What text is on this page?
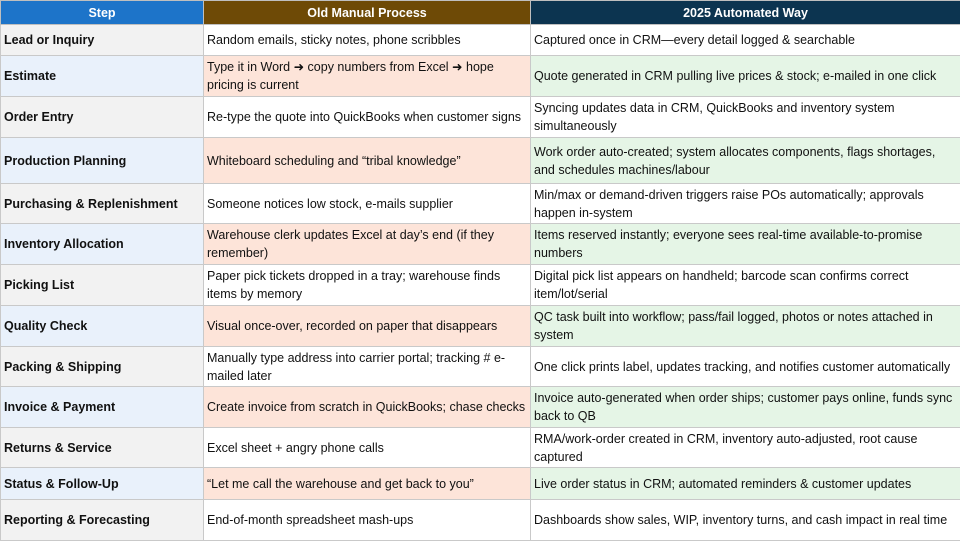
Step	Old Manual Process	2025 Automated Way
Lead or Inquiry	Random emails, sticky notes, phone scribbles	Captured once in CRM—every detail logged & searchable
Estimate	Type it in Word ➜ copy numbers from Excel ➜ hope pricing is current	Quote generated in CRM pulling live prices & stock; e-mailed in one click
Order Entry	Re-type the quote into QuickBooks when customer signs	Syncing updates data in CRM, QuickBooks and inventory system simultaneously
Production Planning	Whiteboard scheduling and “tribal knowledge”	Work order auto-created; system allocates components, flags shortages, and schedules machines/labour
Purchasing & Replenishment	Someone notices low stock, e-mails supplier	Min/max or demand-driven triggers raise POs automatically; approvals happen in-system
Inventory Allocation	Warehouse clerk updates Excel at day’s end (if they remember)	Items reserved instantly; everyone sees real-time available-to-promise numbers
Picking List	Paper pick tickets dropped in a tray; warehouse finds items by memory	Digital pick list appears on handheld; barcode scan confirms correct item/lot/serial
Quality Check	Visual once-over, recorded on paper that disappears	QC task built into workflow; pass/fail logged, photos or notes attached in system
Packing & Shipping	Manually type address into carrier portal; tracking # e-mailed later	One click prints label, updates tracking, and notifies customer automatically
Invoice & Payment	Create invoice from scratch in QuickBooks; chase checks	Invoice auto-generated when order ships; customer pays online, funds sync back to QB
Returns & Service	Excel sheet + angry phone calls	RMA/work-order created in CRM, inventory auto-adjusted, root cause captured
Status & Follow-Up	“Let me call the warehouse and get back to you”	Live order status in CRM; automated reminders & customer updates
Reporting & Forecasting	End-of-month spreadsheet mash-ups	Dashboards show sales, WIP, inventory turns, and cash impact in real time
